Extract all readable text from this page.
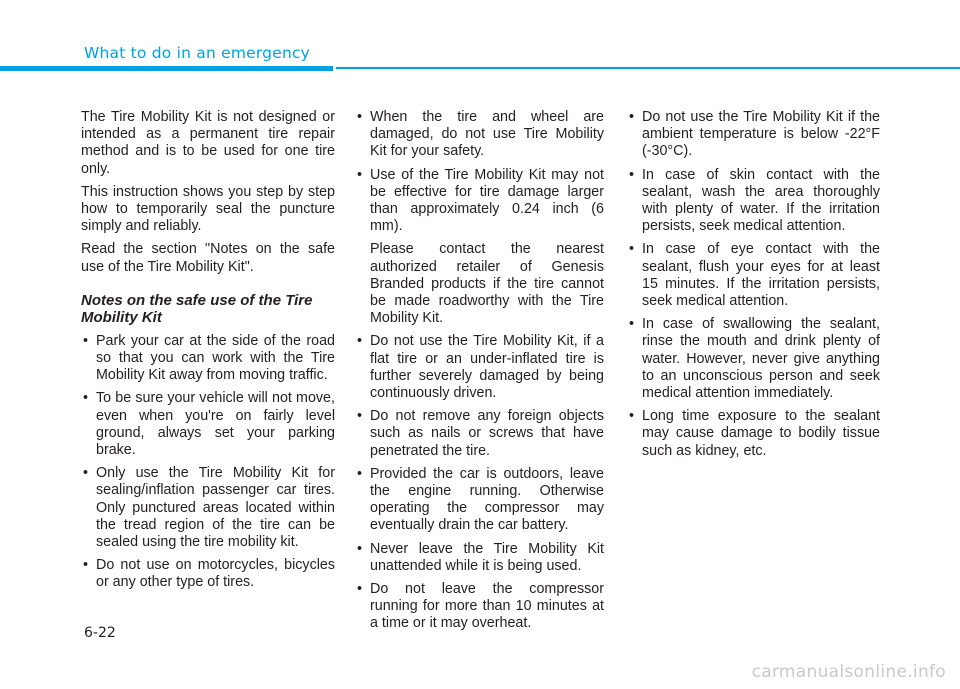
What to do in an emergency

The Tire Mobility Kit is not designed or intended as a permanent tire repair method and is to be used for one tire only.

This instruction shows you step by step how to temporarily seal the puncture simply and reliably.

Read the section "Notes on the safe use of the Tire Mobility Kit".

Notes on the safe use of the Tire Mobility Kit
• Park your car at the side of the road so that you can work with the Tire Mobility Kit away from moving traffic.
• To be sure your vehicle will not move, even when you're on fairly level ground, always set your parking brake.
• Only use the Tire Mobility Kit for sealing/inflation passenger car tires. Only punctured areas located within the tread region of the tire can be sealed using the tire mobility kit.
• Do not use on motorcycles, bicycles or any other type of tires.
• When the tire and wheel are damaged, do not use Tire Mobility Kit for your safety.
• Use of the Tire Mobility Kit may not be effective for tire damage larger than approximately 0.24 inch (6 mm).
Please contact the nearest authorized retailer of Genesis Branded products if the tire cannot be made roadworthy with the Tire Mobility Kit.
• Do not use the Tire Mobility Kit, if a flat tire or an under-inflated tire is further severely damaged by being continuously driven.
• Do not remove any foreign objects such as nails or screws that have penetrated the tire.
• Provided the car is outdoors, leave the engine running. Otherwise operating the compressor may eventually drain the car battery.
• Never leave the Tire Mobility Kit unattended while it is being used.
• Do not leave the compressor running for more than 10 minutes at a time or it may overheat.
• Do not use the Tire Mobility Kit if the ambient temperature is below -22°F (-30°C).
• In case of skin contact with the sealant, wash the area thoroughly with plenty of water. If the irritation persists, seek medical attention.
• In case of eye contact with the sealant, flush your eyes for at least 15 minutes. If the irritation persists, seek medical attention.
• In case of swallowing the sealant, rinse the mouth and drink plenty of water. However, never give anything to an unconscious person and seek medical attention immediately.
• Long time exposure to the sealant may cause damage to bodily tissue such as kidney, etc.
6-22
carmanualsonline.info
